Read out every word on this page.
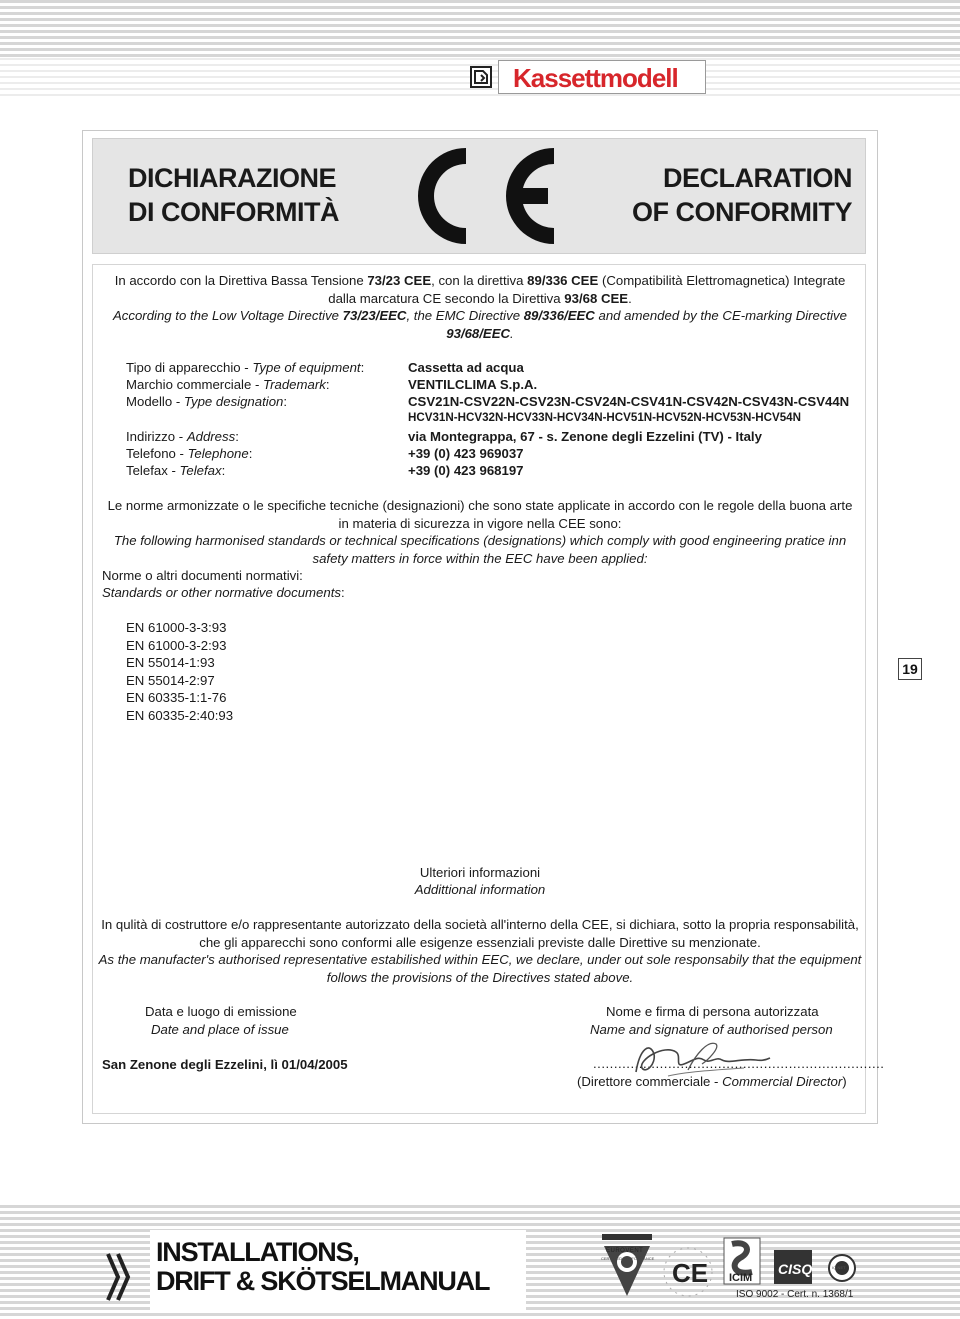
Kassettmodell
DICHIARAZIONE
DI CONFORMITÀ
DECLARATION
OF CONFORMITY
In accordo con la Direttiva Bassa Tensione 73/23 CEE, con la direttiva 89/336 CEE (Compatibilità Elettromagnetica) Integrate
dalla marcatura CE secondo la Direttiva 93/68 CEE.
According to the Low Voltage Directive 73/23/EEC, the EMC Directive 89/336/EEC and amended by the CE-marking Directive
93/68/EEC.
Tipo di apparecchio - Type of equipment:	Cassetta ad acqua
Marchio commerciale - Trademark:	VENTILCLIMA S.p.A.
Modello - Type designation:	CSV21N-CSV22N-CSV23N-CSV24N-CSV41N-CSV42N-CSV43N-CSV44N
HCV31N-HCV32N-HCV33N-HCV34N-HCV51N-HCV52N-HCV53N-HCV54N
Indirizzo - Address:	via Montegrappa, 67 - s. Zenone degli Ezzelini (TV) - Italy
Telefono - Telephone:	+39 (0) 423 969037
Telefax - Telefax:	+39 (0) 423 968197
Le norme armonizzate o le specifiche tecniche (designazioni) che sono state applicate in accordo con le regole della buona arte
in materia di sicurezza in vigore nella CEE sono:
The following harmonised standards or technical specifications (designations) which comply with good engineering pratice inn
safety matters in force within the EEC have been applied:
Norme o altri documenti normativi:
Standards or other normative documents:
EN 61000-3-3:93
EN 61000-3-2:93
EN 55014-1:93
EN 55014-2:97
EN 60335-1:1-76
EN 60335-2:40:93
19
Ulteriori informazioni
Addittional information
In qulità di costruttore e/o rappresentante autorizzato della società all'interno della CEE, si dichiara, sotto la propria responsabilità,
che gli apparecchi sono conformi alle esigenze essenziali previste dalle Direttive su menzionate.
As the manufacter's authorised representative estabilished within EEC, we declare, under out sole responsabily that the equipment
follows the provisions of the Directives stated above.
Data e luogo di emissione
Date and place of issue
San Zenone degli Ezzelini, lì 01/04/2005
Nome e firma di persona autorizzata
Name and signature of authorised person
......................................................................
(Direttore commerciale - Commercial Director)
INSTALLATIONS,
DRIFT & SKÖTSELMANUAL	CE	CISQ
EUROVENT
CERTIFIED PERFORMANCE
ICIM
IQ-NET
ISO 9002 - Cert. n. 1368/1
